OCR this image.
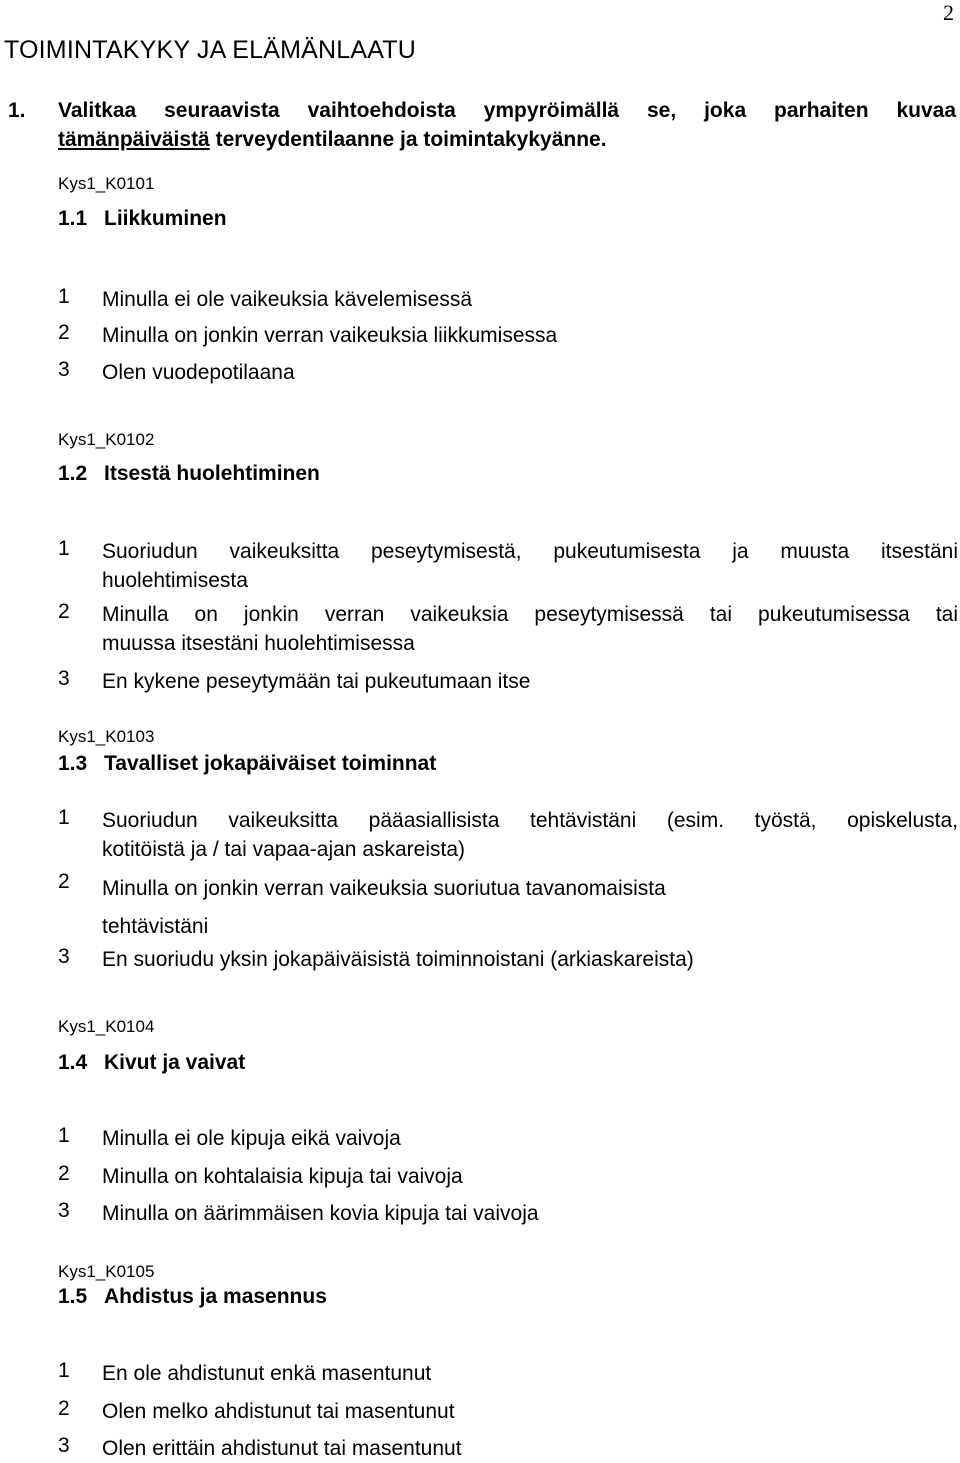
2
TOIMINTAKYKY JA ELÄMÄNLAATU
1. Valitkaa seuraavista vaihtoehdoista ympyröimällä se, joka parhaiten kuvaa
tämänpäiväistä terveydentilaanne ja toimintakykyänne.
Kys1_K0101
1.1 Liikkuminen
1 Minulla ei ole vaikeuksia kävelemisessä
2 Minulla on jonkin verran vaikeuksia liikkumisessa
3 Olen vuodepotilaana
Kys1_K0102
1.2 Itsestä huolehtiminen
1 Suoriudun vaikeuksitta peseytymisestä, pukeutumisesta ja muusta itsestäni
huolehtimisesta
2 Minulla on jonkin verran vaikeuksia peseytymisessä tai pukeutumisessa tai
muussa itsestäni huolehtimisessa
3 En kykene peseytymään tai pukeutumaan itse
Kys1_K0103
1.3 Tavalliset jokapäiväiset toiminnat
1 Suoriudun vaikeuksitta pääasiallisista tehtävistäni (esim. työstä, opiskelusta,
kotitöistä ja / tai vapaa-ajan askareista)
2 Minulla on jonkin verran vaikeuksia suoriutua tavanomaisista
tehtävistäni
3 En suoriudu yksin jokapäiväisistä toiminnoistani (arkiaskareista)
Kys1_K0104
1.4 Kivut ja vaivat
1 Minulla ei ole kipuja eikä vaivoja
2 Minulla on kohtalaisia kipuja tai vaivoja
3 Minulla on äärimmäisen kovia kipuja tai vaivoja
Kys1_K0105
1.5 Ahdistus ja masennus
1 En ole ahdistunut enkä masentunut
2 Olen melko ahdistunut tai masentunut
3 Olen erittäin ahdistunut tai masentunut
